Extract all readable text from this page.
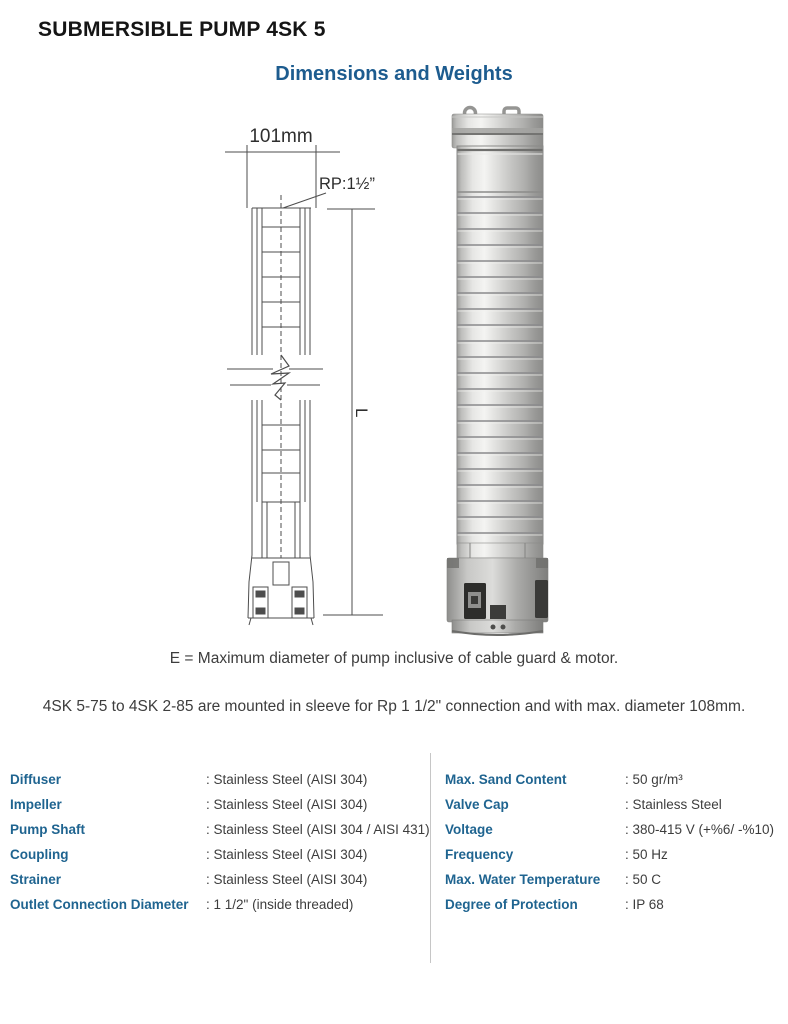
SUBMERSIBLE PUMP 4SK 5
Dimensions and Weights
101mm
RP:1½”
L
E = Maximum diameter of pump inclusive of cable guard & motor.
4SK 5-75 to 4SK 2-85 are mounted in sleeve for Rp 1 1/2" connection and with max. diameter 108mm.
Diffuser	: Stainless Steel (AISI 304)
Impeller	: Stainless Steel (AISI 304)
Pump Shaft	: Stainless Steel (AISI 304 / AISI 431)
Coupling	: Stainless Steel (AISI 304)
Strainer	: Stainless Steel (AISI 304)
Outlet Connection Diameter	: 1 1/2" (inside threaded)
Max. Sand Content	: 50 gr/m³
Valve Cap	: Stainless Steel
Voltage	: 380-415 V (+%6/ -%10)
Frequency	: 50 Hz
Max. Water Temperature	: 50 C
Degree of Protection	: IP 68
